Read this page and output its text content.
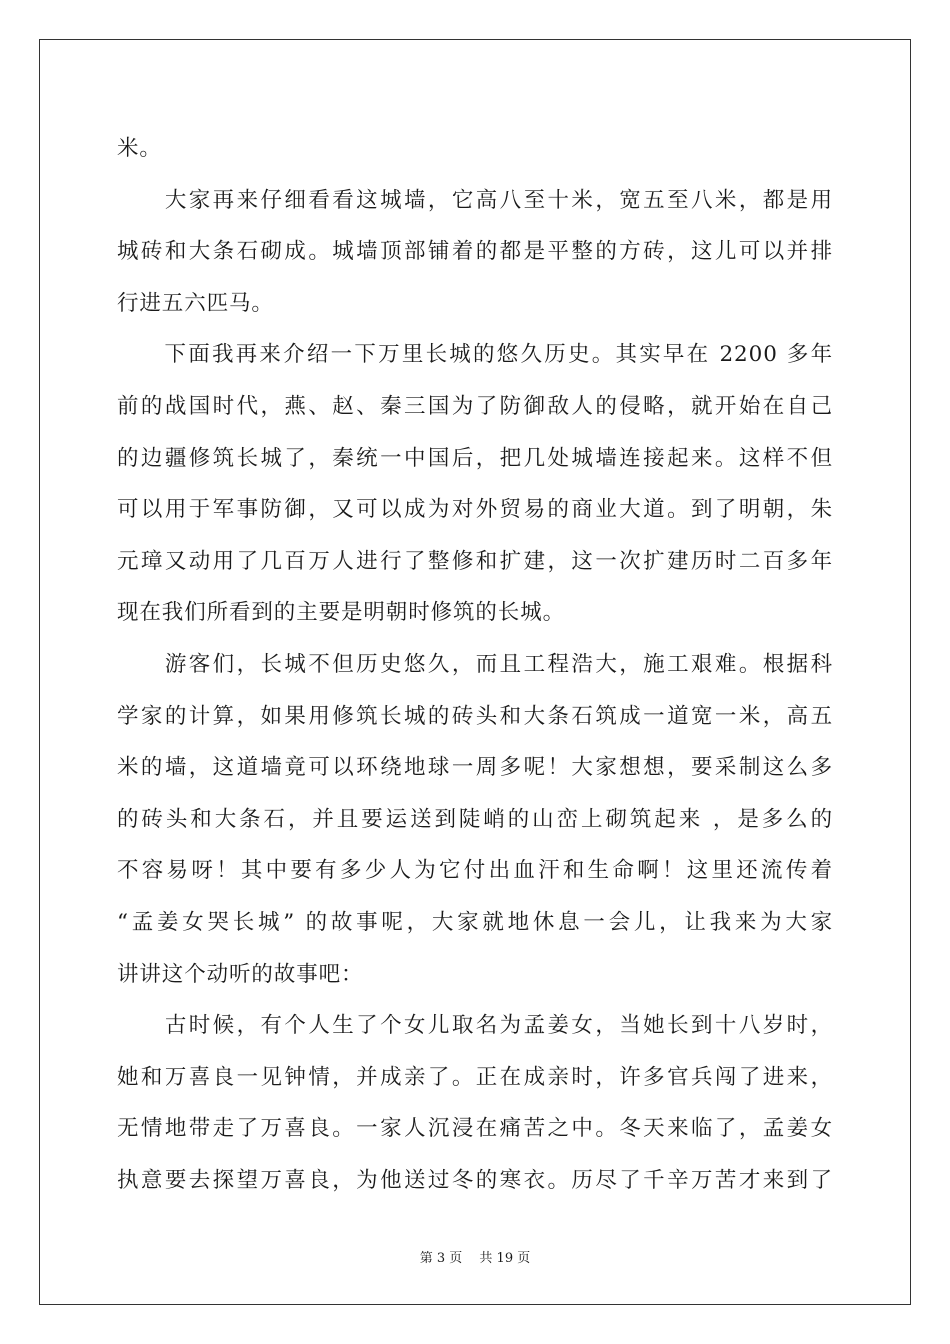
米。
　　大家再来仔细看看这城墙，它高八至十米，宽五至八米，都是用
城砖和大条石砌成。城墙顶部铺着的都是平整的方砖，这儿可以并排
行进五六匹马。
　　下面我再来介绍一下万里长城的悠久历史。其实早在 2200 多年
前的战国时代，燕、赵、秦三国为了防御敌人的侵略，就开始在自己
的边疆修筑长城了，秦统一中国后，把几处城墙连接起来。这样不但
可以用于军事防御，又可以成为对外贸易的商业大道。到了明朝，朱
元璋又动用了几百万人进行了整修和扩建，这一次扩建历时二百多年
现在我们所看到的主要是明朝时修筑的长城。
　　游客们，长城不但历史悠久，而且工程浩大，施工艰难。根据科
学家的计算，如果用修筑长城的砖头和大条石筑成一道宽一米，高五
米的墙，这道墙竟可以环绕地球一周多呢！大家想想，要采制这么多
的砖头和大条石，并且要运送到陡峭的山峦上砌筑起来 ，是多么的
不容易呀！其中要有多少人为它付出血汗和生命啊！这里还流传着
“孟姜女哭长城” 的故事呢，大家就地休息一会儿，让我来为大家
讲讲这个动听的故事吧：
　　古时候，有个人生了个女儿取名为孟姜女，当她长到十八岁时，
她和万喜良一见钟情，并成亲了。正在成亲时，许多官兵闯了进来，
无情地带走了万喜良。一家人沉浸在痛苦之中。冬天来临了，孟姜女
执意要去探望万喜良，为他送过冬的寒衣。历尽了千辛万苦才来到了
第 3 页　 共 19 页
